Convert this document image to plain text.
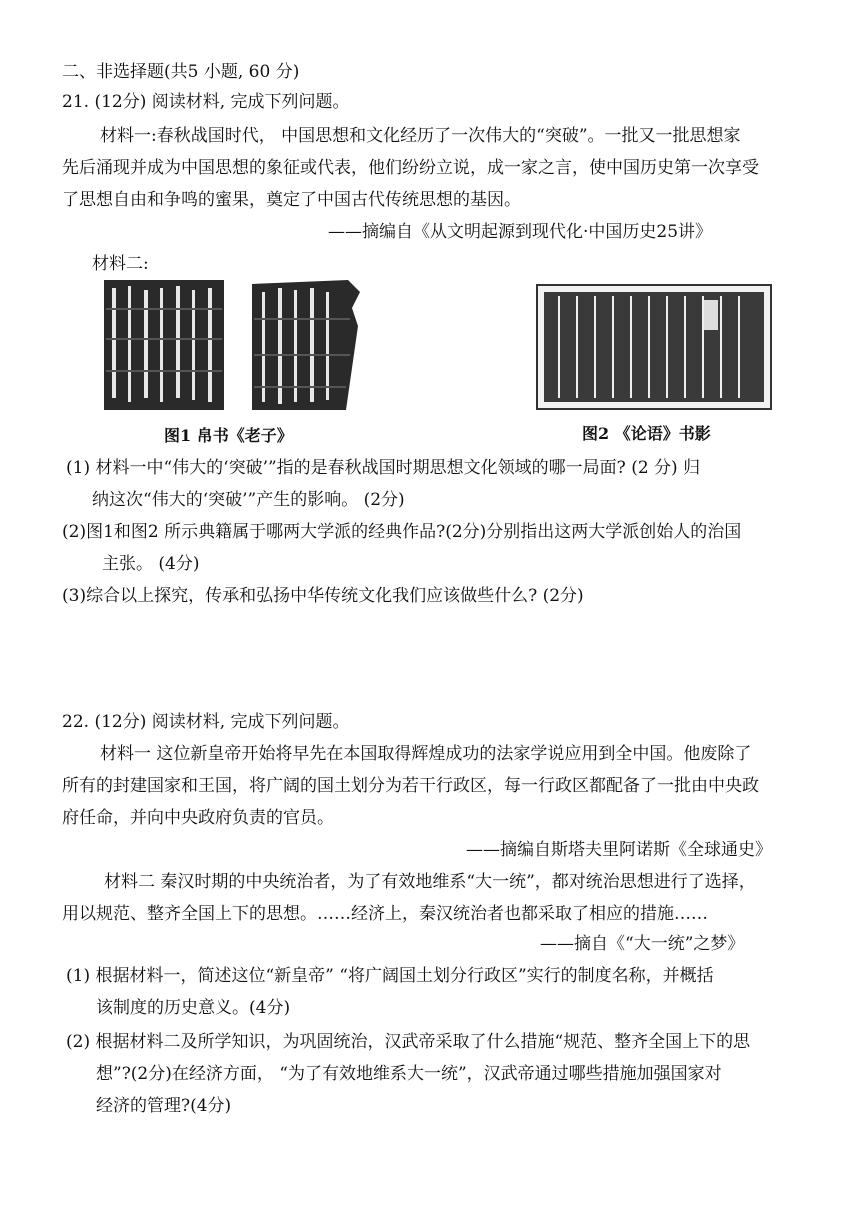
二、非选择题(共5 小题, 60 分)
21. (12分) 阅读材料, 完成下列问题。
材料一:春秋战国时代， 中国思想和文化经历了一次伟大的“突破”。一批又一批思想家
先后涌现并成为中国思想的象征或代表，他们纷纷立说，成一家之言，使中国历史第一次享受
了思想自由和争鸣的蜜果，奠定了中国古代传统思想的基因。
——摘编自《从文明起源到现代化·中国历史25讲》
材料二:
图1 帛书《老子》	图2 《论语》书影
(1) 材料一中“伟大的‘突破’”指的是春秋战国时期思想文化领域的哪一局面? (2 分) 归
纳这次“伟大的‘突破’”产生的影响。 (2分)
(2)图1和图2 所示典籍属于哪两大学派的经典作品?(2分)分别指出这两大学派创始人的治国
主张。 (4分)
(3)综合以上探究，传承和弘扬中华传统文化我们应该做些什么? (2分)
22. (12分) 阅读材料, 完成下列问题。
材料一 这位新皇帝开始将早先在本国取得辉煌成功的法家学说应用到全中国。他废除了
所有的封建国家和王国，将广阔的国土划分为若干行政区，每一行政区都配备了一批由中央政
府任命，并向中央政府负责的官员。
——摘编自斯塔夫里阿诺斯《全球通史》
材料二 秦汉时期的中央统治者，为了有效地维系“大一统”，都对统治思想进行了选择，
用以规范、整齐全国上下的思想。……经济上，秦汉统治者也都采取了相应的措施……
——摘自《“大一统”之梦》
(1) 根据材料一，简述这位“新皇帝” “将广阔国土划分行政区”实行的制度名称，并概括
该制度的历史意义。(4分)
(2) 根据材料二及所学知识，为巩固统治，汉武帝采取了什么措施“规范、整齐全国上下的思
想”?(2分)在经济方面， “为了有效地维系大一统”，汉武帝通过哪些措施加强国家对
经济的管理?(4分)
